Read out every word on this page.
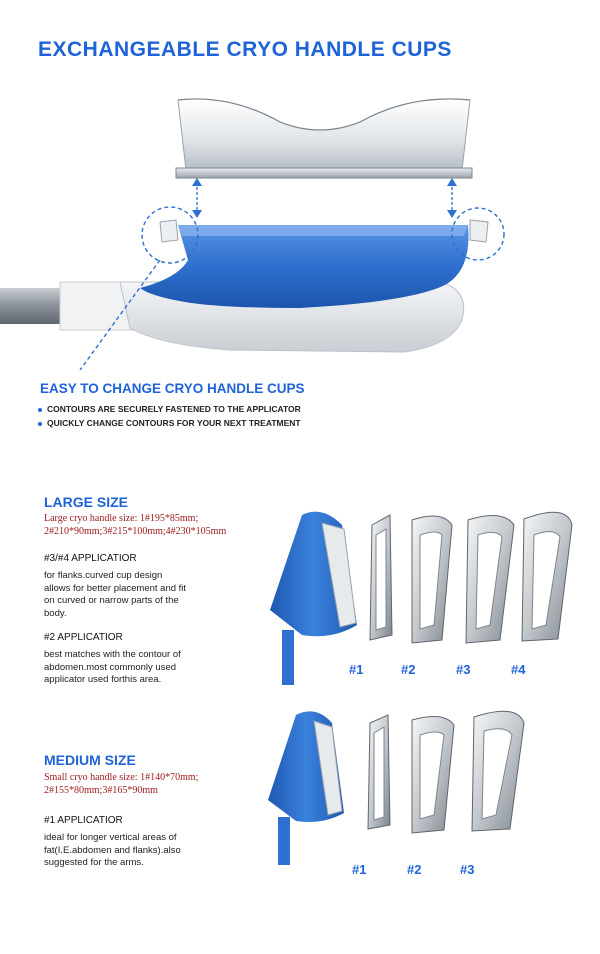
EXCHANGEABLE CRYO HANDLE CUPS
EASY TO CHANGE CRYO HANDLE CUPS
CONTOURS ARE SECURELY FASTENED TO THE APPLICATOR
QUICKLY CHANGE CONTOURS FOR YOUR NEXT TREATMENT
LARGE SIZE
Large cryo handle size: 1#195*85mm;
2#210*90mm;3#215*100mm;4#230*105mm
#3/#4 APPLICATIOR
for flanks.curved cup design
allows for better placement and fit
on curved or narrow parts of the
body.
#2 APPLICATIOR
best matches with the contour of
abdomen.most commonly used
applicator used forthis area.
#1	#2	#3	#4
MEDIUM SIZE
Small cryo handle size: 1#140*70mm;
2#155*80mm;3#165*90mm
#1 APPLICATIOR
ideal for longer vertical areas of
fat(I.E.abdomen and flanks).also
suggested for the arms.	#1	#2	#3
